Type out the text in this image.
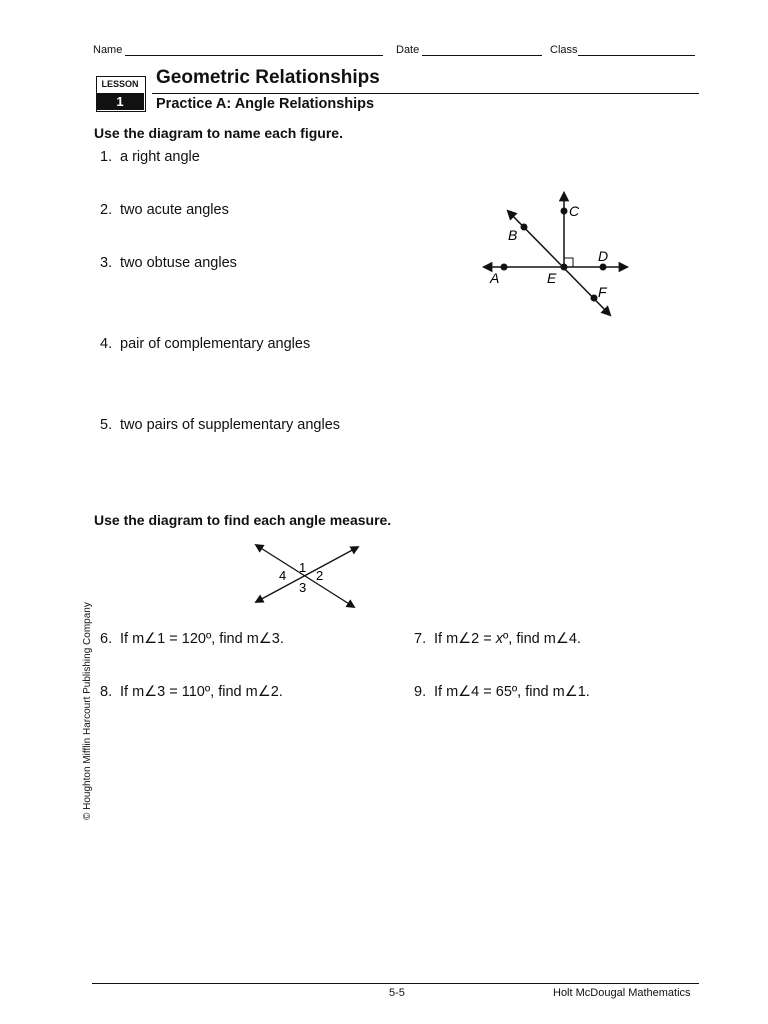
Name	Date	Class
LESSON
1
Geometric Relationships
Practice A: Angle Relationships
Use the diagram to name each figure.
1. a right angle
2. two acute angles
3. two obtuse angles
4. pair of complementary angles
5. two pairs of supplementary angles
C
B
D
A	E
F
Use the diagram to find each angle measure.
1
4 2
3
6. If m∠1 = 120º, find m∠3.	7. If m∠2 = xº, find m∠4.
8. If m∠3 = 110º, find m∠2.	9. If m∠4 = 65º, find m∠1.
© Houghton Mifflin Harcourt Publishing Company
5-5	Holt McDougal Mathematics
